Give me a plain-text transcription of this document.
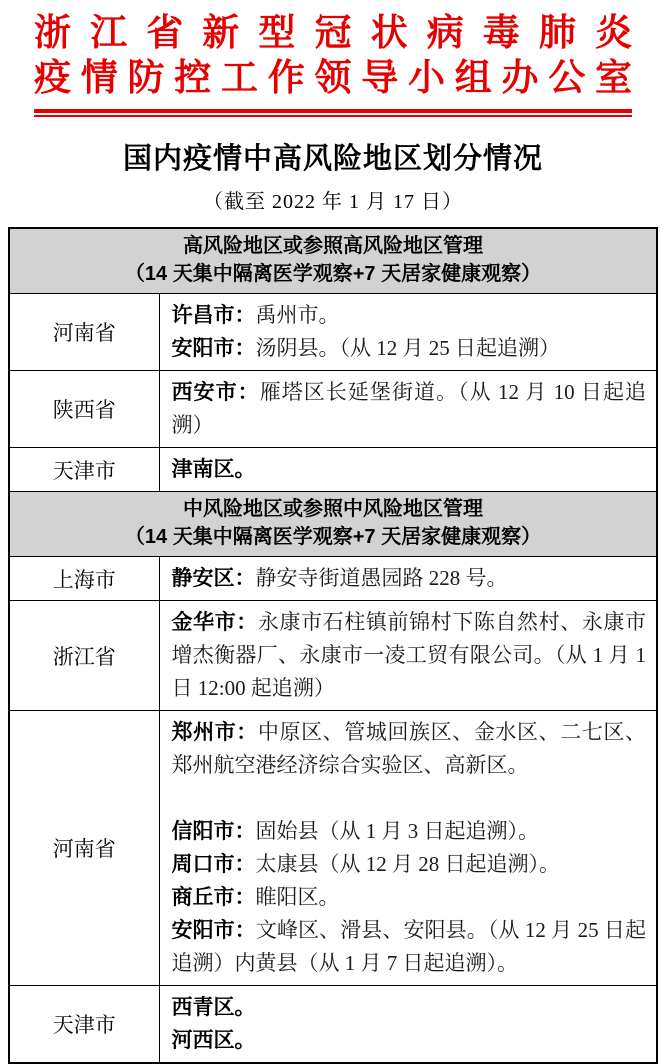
浙江省新型冠状病毒肺炎
疫情防控工作领导小组办公室
国内疫情中高风险地区划分情况
（截至 2022 年 1 月 17 日）
高风险地区或参照高风险地区管理
（14 天集中隔离医学观察+7 天居家健康观察）	

河南省	许昌市：禹州市。
安阳市：汤阴县。（从 12 月 25 日起追溯）

陕西省	西安市：雁塔区长延堡街道。（从 12 月 10 日起追溯）

天津市	津南区。

中风险地区或参照中风险地区管理
（14 天集中隔离医学观察+7 天居家健康观察）	

上海市	静安区：静安寺街道愚园路 228 号。

浙江省	金华市：永康市石柱镇前锦村下陈自然村、永康市增杰衡器厂、永康市一凌工贸有限公司。（从 1 月 1 日 12:00 起追溯）

河南省	郑州市：中原区、管城回族区、金水区、二七区、郑州航空港经济综合实验区、高新区。
信阳市：固始县（从 1 月 3 日起追溯）。
周口市：太康县（从 12 月 28 日起追溯）。
商丘市：睢阳区。
安阳市：文峰区、滑县、安阳县。（从 12 月 25 日起追溯）内黄县（从 1 月 7 日起追溯）。

天津市	西青区。
河西区。
